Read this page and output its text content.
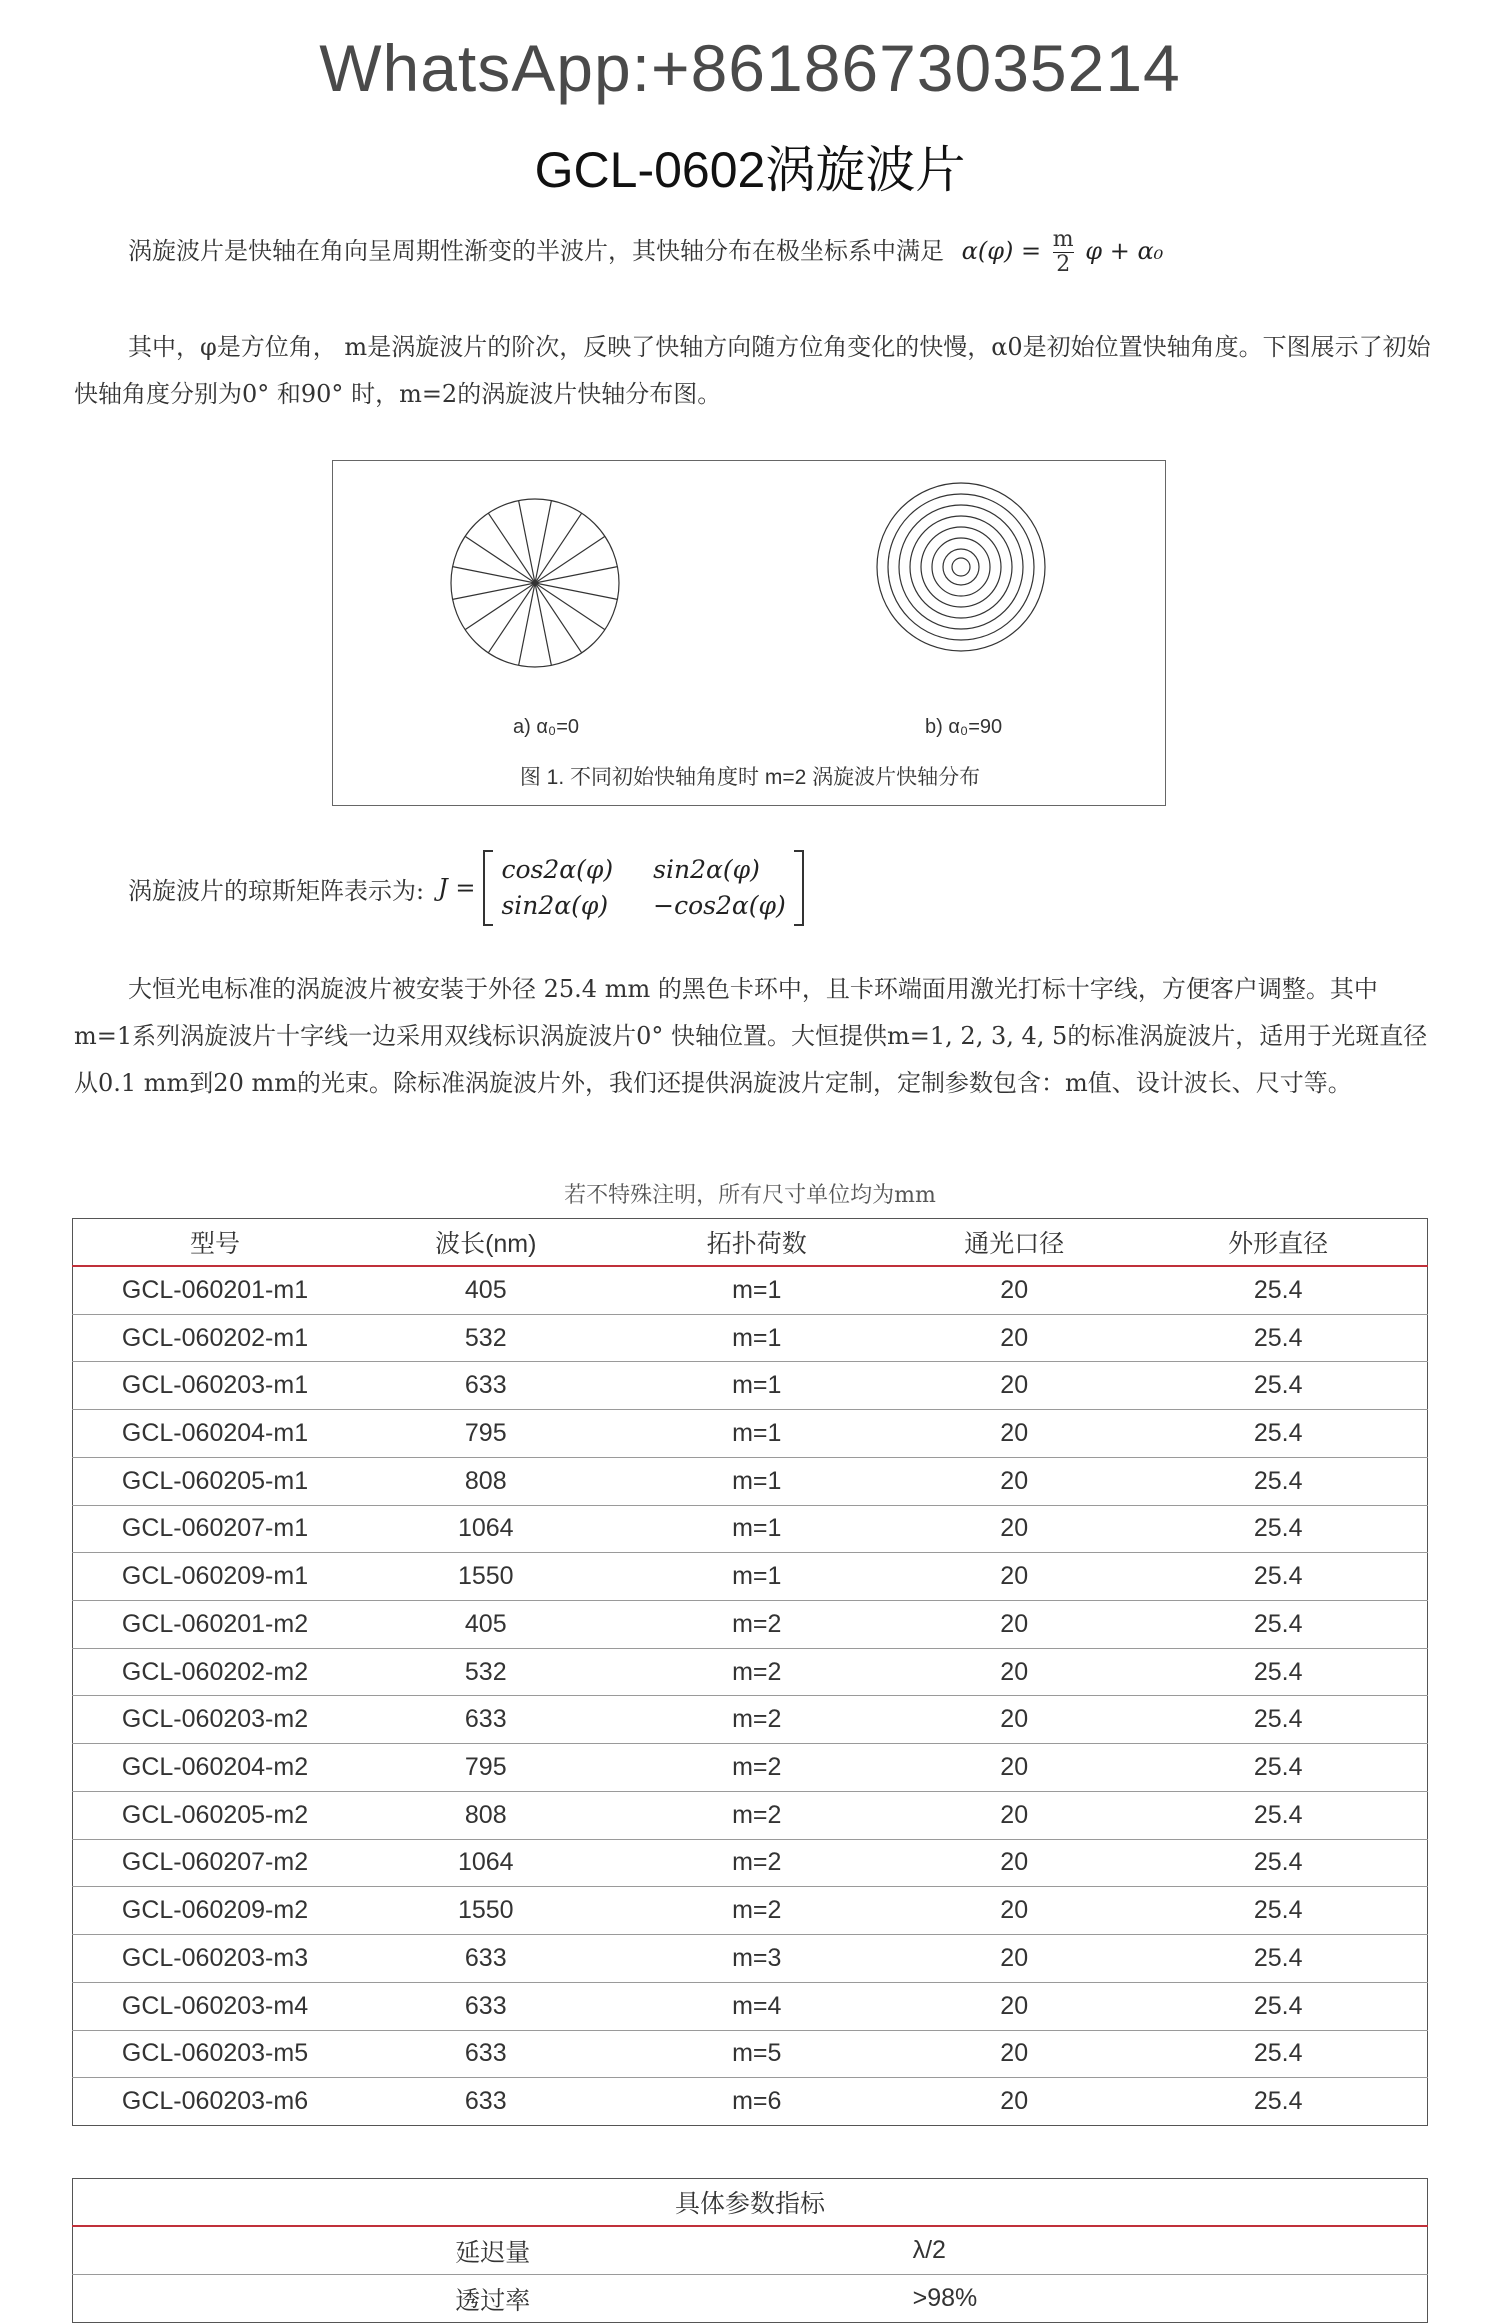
WhatsApp:+8618673035214
GCL-0602涡旋波片
涡旋波片是快轴在角向呈周期性渐变的半波片，其快轴分布在极坐标系中满足 $\alpha(\varphi) = \frac{m}{2}$ φ + α₀
其中，φ是方位角， m是涡旋波片的阶次，反映了快轴方向随方位角变化的快慢，α0是初始位置快轴角度。下图展示了初始快轴角度分别为0° 和90° 时，m=2的涡旋波片快轴分布图。
a) α₀=0	b) α₀=90
图 1. 不同初始快轴角度时 m=2 涡旋波片快轴分布
涡旋波片的琼斯矩阵表示为: J =
cos2α(φ) sin2α(φ)
sin2α(φ) −cos2α(φ)
大恒光电标准的涡旋波片被安装于外径 25.4 mm 的黑色卡环中，且卡环端面用激光打标十字线，方便客户调整。其中m=1系列涡旋波片十字线一边采用双线标识涡旋波片0° 快轴位置。大恒提供m=1, 2, 3, 4, 5的标准涡旋波片，适用于光斑直径从0.1 mm到20 mm的光束。除标准涡旋波片外，我们还提供涡旋波片定制，定制参数包含：m值、设计波长、尺寸等。
若不特殊注明，所有尺寸单位均为mm
型号	波长(nm)	拓扑荷数	通光口径	外形直径
GCL-060201-m1	405	m=1	20	25.4
GCL-060202-m1	532	m=1	20	25.4
GCL-060203-m1	633	m=1	20	25.4
GCL-060204-m1	795	m=1	20	25.4
GCL-060205-m1	808	m=1	20	25.4
GCL-060207-m1	1064	m=1	20	25.4
GCL-060209-m1	1550	m=1	20	25.4
GCL-060201-m2	405	m=2	20	25.4
GCL-060202-m2	532	m=2	20	25.4
GCL-060203-m2	633	m=2	20	25.4
GCL-060204-m2	795	m=2	20	25.4
GCL-060205-m2	808	m=2	20	25.4
GCL-060207-m2	1064	m=2	20	25.4
GCL-060209-m2	1550	m=2	20	25.4
GCL-060203-m3	633	m=3	20	25.4
GCL-060203-m4	633	m=4	20	25.4
GCL-060203-m5	633	m=5	20	25.4
GCL-060203-m6	633	m=6	20	25.4
具体参数指标	
延迟量	λ/2
透过率	>98%
